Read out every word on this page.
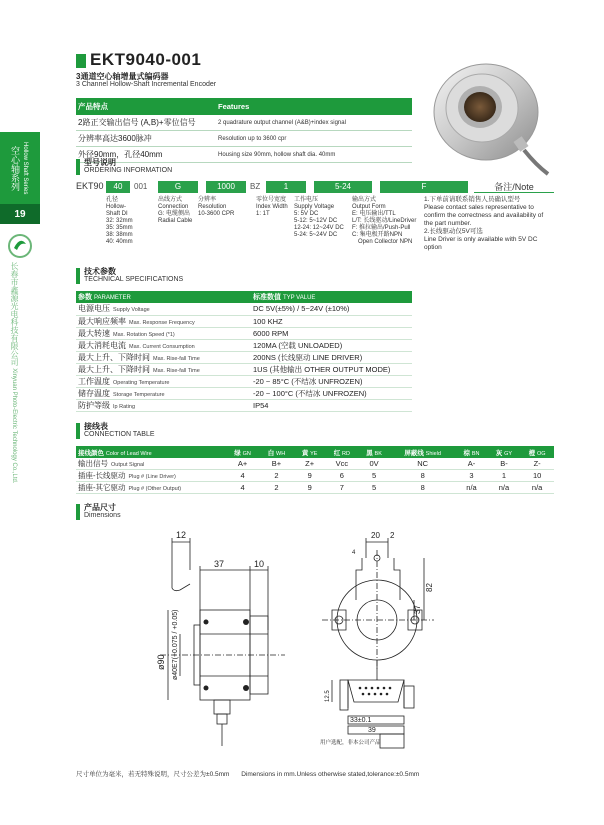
空心轴系列 Hollow Shaft Series
19
长春市鑫源光电科技有限公司 Xinyuan Photo-Electric Technology Co.,Ltd.
EKT9040-001
3通道空心轴增量式编码器
3 Channel Hollow-Shaft Incremental Encoder
产品特点	Features
2路正交输出信号 (A,B)+零位信号	2 quadrature output channel (A&B)+index signal
分辨率高达3600脉冲	Resolution up to 3600 cpr
外径90mm，孔径40mm	Housing size 90mm, hollow shaft dia. 40mm
型号说明
ORDERING INFORMATION
EKT90	40	001	G	1000	BZ	1	5-24	F	备注/Note
孔径
Hollow-
Shaft DI
32: 32mm
35: 35mm
38: 38mm
40: 40mm
出线方式
Connection
G: 电缆侧出
Radial Cable
分辨率
Resolution
10-3600 CPR
零位号宽度
Index Width
1: 1T
工作电压
Supply Voltage
5: 5V DC
5-12: 5~12V DC
12-24: 12~24V DC
5-24: 5~24V DC
输出方式
Output Form
E: 电压输出/TTL
L/T: 长线驱动/LineDriver
F: 推拉输出/Push-Pull
C: 集电极开路NPN
Open Collector NPN
1.下单前请联系销售人员确认型号
Please contact sales representative to
confirm the correctness and availability of
the part number.
2.长线驱动仅5V可选
Line Driver is only available with 5V DC
option
技术参数
TECHNICAL SPECIFICATIONS
参数 PARAMETER	标准数值 TYP VALUE
电源电压 Supply Voltage	DC 5V(±5%) / 5~24V (±10%)
最大响应频率 Max. Response Frequency	100 KHZ
最大转速 Max. Rotation Speed (*1)	6000 RPM
最大消耗电流 Max. Current Consumption	120MA (空载 UNLOADED)
最大上升、下降时间 Max. Rise-fall Time	200NS (长线驱动 LINE DRIVER)
最大上升、下降时间 Max. Rise-fall Time	1US (其他输出 OTHER OUTPUT MODE)
工作温度 Operating Temperature	-20 ~ 85°C (不结冰 UNFROZEN)
储存温度 Storage Temperature	-20 ~ 100°C (不结冰 UNFROZEN)
防护等级 Ip Rating	IP54
接线表
CONNECTION TABLE
接线颜色 Color of Lead Wire	绿 GN	白 WH	黄 YE	红 RD	黑 BK	屏蔽线 Shield	棕 BN	灰 GY	橙 OG
输出信号 Output Signal	A+	B+	Z+	Vcc	0V	NC	A-	B-	Z-
插座-长线驱动 Plug # (Line Driver)	4	2	9	6	5	8	3	1	10
插座-其它驱动 Plug # (Other Output)	4	2	9	7	5	8	n/a	n/a	n/a
产品尺寸
Dimensions
12
37	10
ø90 ø40E7(+0.075 / +0.05)
20 2
4
82
37
33±0.1
39
12.5
用户选配，非本公司产品
尺寸单位为毫米，若无特殊说明，尺寸公差为±0.5mm Dimensions in mm.Unless otherwise stated,tolerance:±0.5mm
